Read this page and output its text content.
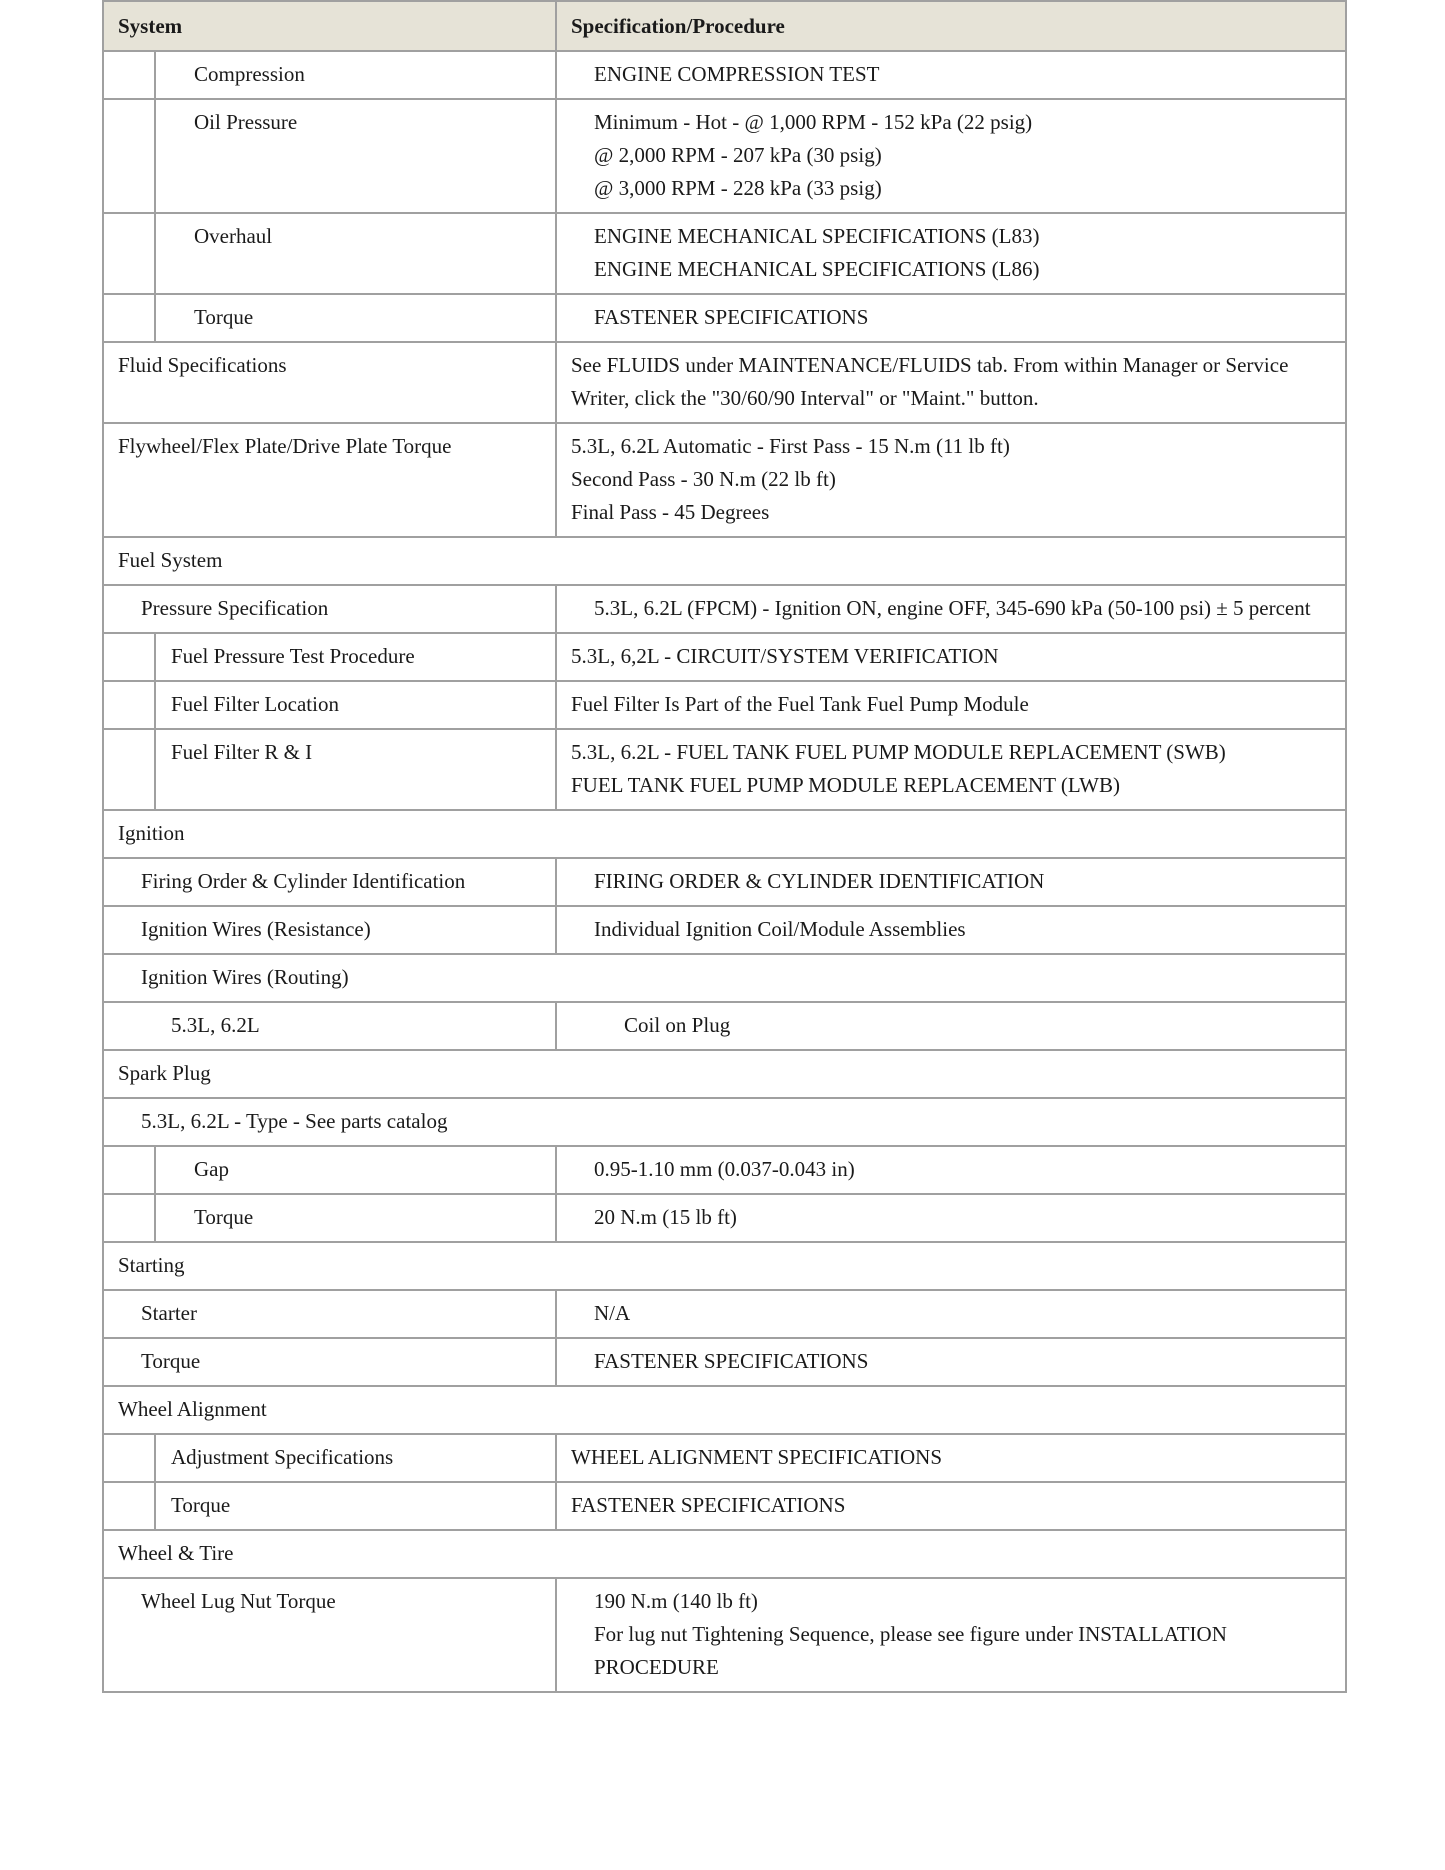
System	Specification/Procedure

Compression	ENGINE COMPRESSION TEST

Oil Pressure	Minimum - Hot - @ 1,000 RPM - 152 kPa (22 psig)
@ 2,000 RPM - 207 kPa (30 psig)
@ 3,000 RPM - 228 kPa (33 psig)

Overhaul	ENGINE MECHANICAL SPECIFICATIONS (L83)
ENGINE MECHANICAL SPECIFICATIONS (L86)

Torque	FASTENER SPECIFICATIONS

Fluid Specifications	See FLUIDS under MAINTENANCE/FLUIDS tab. From within Manager or Service Writer, click the "30/60/90 Interval" or "Maint." button.

Flywheel/Flex Plate/Drive Plate Torque	5.3L, 6.2L Automatic - First Pass - 15 N.m (11 lb ft)
Second Pass - 30 N.m (22 lb ft)
Final Pass - 45 Degrees

Fuel System	

Pressure Specification	5.3L, 6.2L (FPCM) - Ignition ON, engine OFF, 345-690 kPa (50-100 psi) ± 5 percent

Fuel Pressure Test Procedure	5.3L, 6,2L - CIRCUIT/SYSTEM VERIFICATION

Fuel Filter Location	Fuel Filter Is Part of the Fuel Tank Fuel Pump Module

Fuel Filter R & I	5.3L, 6.2L - FUEL TANK FUEL PUMP MODULE REPLACEMENT (SWB)
FUEL TANK FUEL PUMP MODULE REPLACEMENT (LWB)

Ignition	

Firing Order & Cylinder Identification	FIRING ORDER & CYLINDER IDENTIFICATION

Ignition Wires (Resistance)	Individual Ignition Coil/Module Assemblies

Ignition Wires (Routing)	

5.3L, 6.2L	Coil on Plug

Spark Plug	

5.3L, 6.2L - Type - See parts catalog	

Gap	0.95-1.10 mm (0.037-0.043 in)

Torque	20 N.m (15 lb ft)

Starting	

Starter	N/A

Torque	FASTENER SPECIFICATIONS

Wheel Alignment	

Adjustment Specifications	WHEEL ALIGNMENT SPECIFICATIONS

Torque	FASTENER SPECIFICATIONS

Wheel & Tire	

Wheel Lug Nut Torque	190 N.m (140 lb ft)
For lug nut Tightening Sequence, please see figure under INSTALLATION PROCEDURE
